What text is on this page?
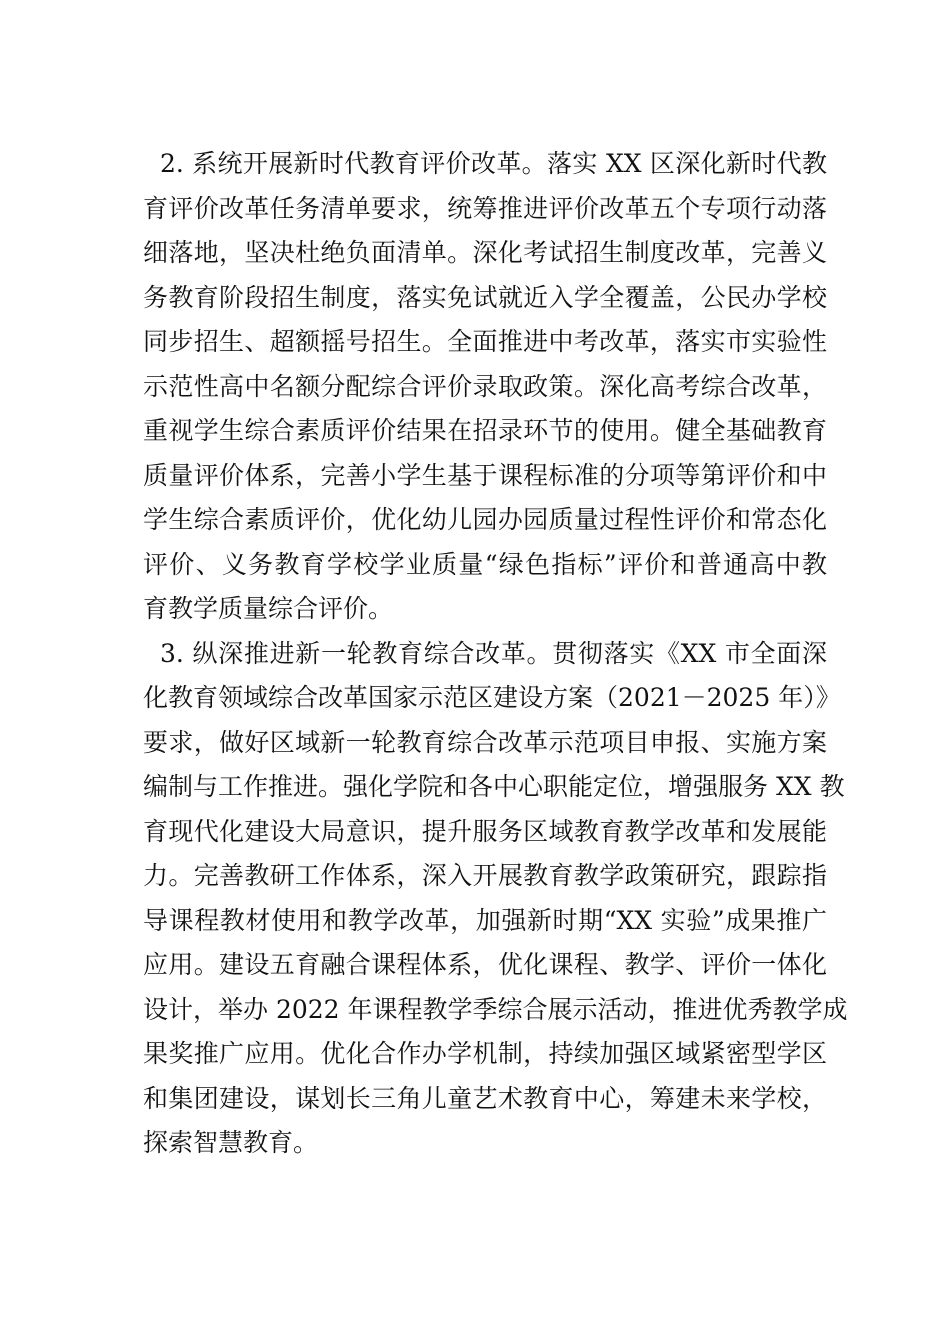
2. 系统开展新时代教育评价改革。落实 XX 区深化新时代教
育评价改革任务清单要求，统筹推进评价改革五个专项行动落
细落地，坚决杜绝负面清单。深化考试招生制度改革，完善义
务教育阶段招生制度，落实免试就近入学全覆盖，公民办学校
同步招生、超额摇号招生。全面推进中考改革，落实市实验性
示范性高中名额分配综合评价录取政策。深化高考综合改革，
重视学生综合素质评价结果在招录环节的使用。健全基础教育
质量评价体系，完善小学生基于课程标准的分项等第评价和中
学生综合素质评价，优化幼儿园办园质量过程性评价和常态化
评价、义务教育学校学业质量“绿色指标”评价和普通高中教
育教学质量综合评价。
3. 纵深推进新一轮教育综合改革。贯彻落实《XX 市全面深
化教育领域综合改革国家示范区建设方案（2021－2025 年）》
要求，做好区域新一轮教育综合改革示范项目申报、实施方案
编制与工作推进。强化学院和各中心职能定位，增强服务 XX 教
育现代化建设大局意识，提升服务区域教育教学改革和发展能
力。完善教研工作体系，深入开展教育教学政策研究，跟踪指
导课程教材使用和教学改革，加强新时期“XX 实验”成果推广
应用。建设五育融合课程体系，优化课程、教学、评价一体化
设计，举办 2022 年课程教学季综合展示活动，推进优秀教学成
果奖推广应用。优化合作办学机制，持续加强区域紧密型学区
和集团建设，谋划长三角儿童艺术教育中心，筹建未来学校，
探索智慧教育。
